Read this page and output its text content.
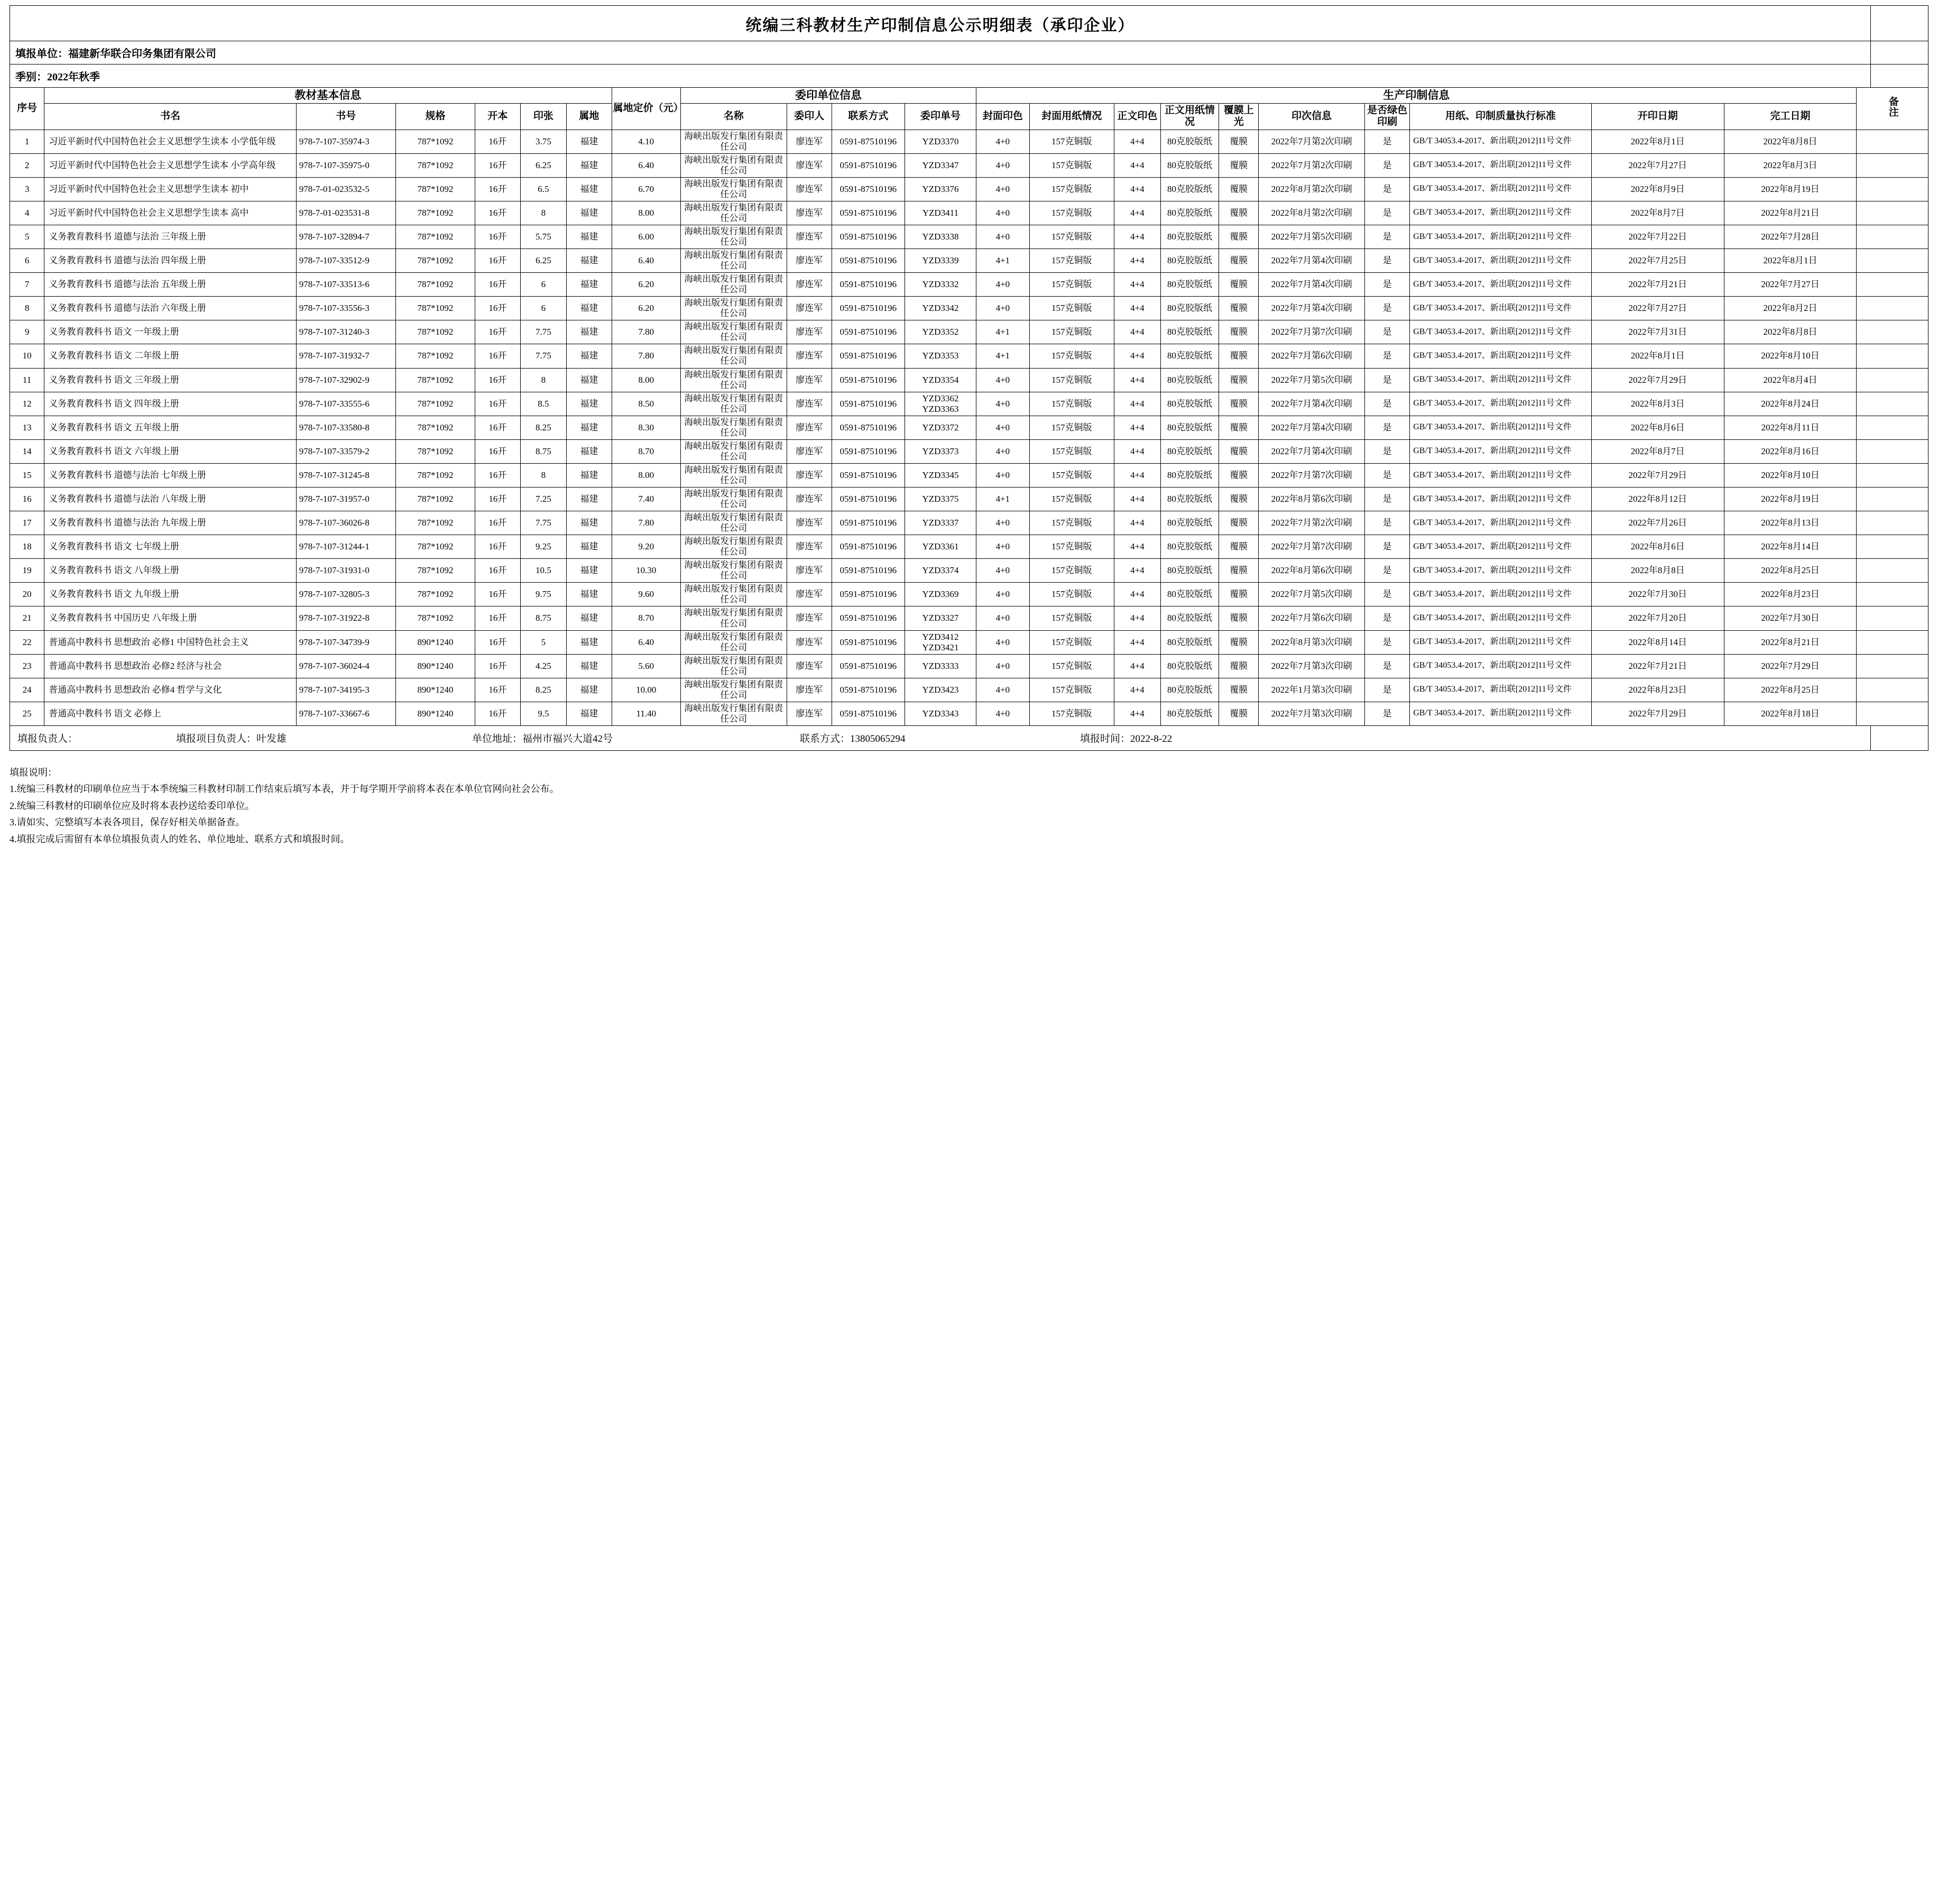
统编三科教材生产印制信息公示明细表（承印企业）
填报单位：福建新华联合印务集团有限公司
季别：2022年秋季
序号	教材基本信息						属地定价（元）	委印单位信息				生产印制信息										备注
	书名	书号	规格	开本	印张	属地		名称	委印人	联系方式	委印单号	封面印色	封面用纸情况	正文印色	正文用纸情况	覆膜上光	印次信息	是否绿色印刷	用纸、印制质量执行标准	开印日期	完工日期	
1	习近平新时代中国特色社会主义思想学生读本 小学低年级	978-7-107-35974-3	787*1092	16开	3.75	福建	4.10	海峡出版发行集团有限责任公司	廖连军	0591-87510196	YZD3370	4+0	157克铜版	4+4	80克胶版纸	覆膜	2022年7月第2次印刷	是	GB/T 34053.4-2017、新出联[2012]11号文件	2022年8月1日	2022年8月8日	
2	习近平新时代中国特色社会主义思想学生读本 小学高年级	978-7-107-35975-0	787*1092	16开	6.25	福建	6.40	海峡出版发行集团有限责任公司	廖连军	0591-87510196	YZD3347	4+0	157克铜版	4+4	80克胶版纸	覆膜	2022年7月第2次印刷	是	GB/T 34053.4-2017、新出联[2012]11号文件	2022年7月27日	2022年8月3日	
3	习近平新时代中国特色社会主义思想学生读本 初中	978-7-01-023532-5	787*1092	16开	6.5	福建	6.70	海峡出版发行集团有限责任公司	廖连军	0591-87510196	YZD3376	4+0	157克铜版	4+4	80克胶版纸	覆膜	2022年8月第2次印刷	是	GB/T 34053.4-2017、新出联[2012]11号文件	2022年8月9日	2022年8月19日	
4	习近平新时代中国特色社会主义思想学生读本 高中	978-7-01-023531-8	787*1092	16开	8	福建	8.00	海峡出版发行集团有限责任公司	廖连军	0591-87510196	YZD3411	4+0	157克铜版	4+4	80克胶版纸	覆膜	2022年8月第2次印刷	是	GB/T 34053.4-2017、新出联[2012]11号文件	2022年8月7日	2022年8月21日	
5	义务教育教科书 道德与法治 三年级上册	978-7-107-32894-7	787*1092	16开	5.75	福建	6.00	海峡出版发行集团有限责任公司	廖连军	0591-87510196	YZD3338	4+0	157克铜版	4+4	80克胶版纸	覆膜	2022年7月第5次印刷	是	GB/T 34053.4-2017、新出联[2012]11号文件	2022年7月22日	2022年7月28日	
6	义务教育教科书 道德与法治 四年级上册	978-7-107-33512-9	787*1092	16开	6.25	福建	6.40	海峡出版发行集团有限责任公司	廖连军	0591-87510196	YZD3339	4+1	157克铜版	4+4	80克胶版纸	覆膜	2022年7月第4次印刷	是	GB/T 34053.4-2017、新出联[2012]11号文件	2022年7月25日	2022年8月1日	
7	义务教育教科书 道德与法治 五年级上册	978-7-107-33513-6	787*1092	16开	6	福建	6.20	海峡出版发行集团有限责任公司	廖连军	0591-87510196	YZD3332	4+0	157克铜版	4+4	80克胶版纸	覆膜	2022年7月第4次印刷	是	GB/T 34053.4-2017、新出联[2012]11号文件	2022年7月21日	2022年7月27日	
8	义务教育教科书 道德与法治 六年级上册	978-7-107-33556-3	787*1092	16开	6	福建	6.20	海峡出版发行集团有限责任公司	廖连军	0591-87510196	YZD3342	4+0	157克铜版	4+4	80克胶版纸	覆膜	2022年7月第4次印刷	是	GB/T 34053.4-2017、新出联[2012]11号文件	2022年7月27日	2022年8月2日	
9	义务教育教科书 语文 一年级上册	978-7-107-31240-3	787*1092	16开	7.75	福建	7.80	海峡出版发行集团有限责任公司	廖连军	0591-87510196	YZD3352	4+1	157克铜版	4+4	80克胶版纸	覆膜	2022年7月第7次印刷	是	GB/T 34053.4-2017、新出联[2012]11号文件	2022年7月31日	2022年8月8日	
10	义务教育教科书 语文 二年级上册	978-7-107-31932-7	787*1092	16开	7.75	福建	7.80	海峡出版发行集团有限责任公司	廖连军	0591-87510196	YZD3353	4+1	157克铜版	4+4	80克胶版纸	覆膜	2022年7月第6次印刷	是	GB/T 34053.4-2017、新出联[2012]11号文件	2022年8月1日	2022年8月10日	
11	义务教育教科书 语文 三年级上册	978-7-107-32902-9	787*1092	16开	8	福建	8.00	海峡出版发行集团有限责任公司	廖连军	0591-87510196	YZD3354	4+0	157克铜版	4+4	80克胶版纸	覆膜	2022年7月第5次印刷	是	GB/T 34053.4-2017、新出联[2012]11号文件	2022年7月29日	2022年8月4日	
12	义务教育教科书 语文 四年级上册	978-7-107-33555-6	787*1092	16开	8.5	福建	8.50	海峡出版发行集团有限责任公司	廖连军	0591-87510196	YZD3362
YZD3363	4+0	157克铜版	4+4	80克胶版纸	覆膜	2022年7月第4次印刷	是	GB/T 34053.4-2017、新出联[2012]11号文件	2022年8月3日	2022年8月24日	
13	义务教育教科书 语文 五年级上册	978-7-107-33580-8	787*1092	16开	8.25	福建	8.30	海峡出版发行集团有限责任公司	廖连军	0591-87510196	YZD3372	4+0	157克铜版	4+4	80克胶版纸	覆膜	2022年7月第4次印刷	是	GB/T 34053.4-2017、新出联[2012]11号文件	2022年8月6日	2022年8月11日	
14	义务教育教科书 语文 六年级上册	978-7-107-33579-2	787*1092	16开	8.75	福建	8.70	海峡出版发行集团有限责任公司	廖连军	0591-87510196	YZD3373	4+0	157克铜版	4+4	80克胶版纸	覆膜	2022年7月第4次印刷	是	GB/T 34053.4-2017、新出联[2012]11号文件	2022年8月7日	2022年8月16日	
15	义务教育教科书 道德与法治 七年级上册	978-7-107-31245-8	787*1092	16开	8	福建	8.00	海峡出版发行集团有限责任公司	廖连军	0591-87510196	YZD3345	4+0	157克铜版	4+4	80克胶版纸	覆膜	2022年7月第7次印刷	是	GB/T 34053.4-2017、新出联[2012]11号文件	2022年7月29日	2022年8月10日	
16	义务教育教科书 道德与法治 八年级上册	978-7-107-31957-0	787*1092	16开	7.25	福建	7.40	海峡出版发行集团有限责任公司	廖连军	0591-87510196	YZD3375	4+1	157克铜版	4+4	80克胶版纸	覆膜	2022年8月第6次印刷	是	GB/T 34053.4-2017、新出联[2012]11号文件	2022年8月12日	2022年8月19日	
17	义务教育教科书 道德与法治 九年级上册	978-7-107-36026-8	787*1092	16开	7.75	福建	7.80	海峡出版发行集团有限责任公司	廖连军	0591-87510196	YZD3337	4+0	157克铜版	4+4	80克胶版纸	覆膜	2022年7月第2次印刷	是	GB/T 34053.4-2017、新出联[2012]11号文件	2022年7月26日	2022年8月13日	
18	义务教育教科书 语文 七年级上册	978-7-107-31244-1	787*1092	16开	9.25	福建	9.20	海峡出版发行集团有限责任公司	廖连军	0591-87510196	YZD3361	4+0	157克铜版	4+4	80克胶版纸	覆膜	2022年7月第7次印刷	是	GB/T 34053.4-2017、新出联[2012]11号文件	2022年8月6日	2022年8月14日	
19	义务教育教科书 语文 八年级上册	978-7-107-31931-0	787*1092	16开	10.5	福建	10.30	海峡出版发行集团有限责任公司	廖连军	0591-87510196	YZD3374	4+0	157克铜版	4+4	80克胶版纸	覆膜	2022年8月第6次印刷	是	GB/T 34053.4-2017、新出联[2012]11号文件	2022年8月8日	2022年8月25日	
20	义务教育教科书 语文 九年级上册	978-7-107-32805-3	787*1092	16开	9.75	福建	9.60	海峡出版发行集团有限责任公司	廖连军	0591-87510196	YZD3369	4+0	157克铜版	4+4	80克胶版纸	覆膜	2022年7月第5次印刷	是	GB/T 34053.4-2017、新出联[2012]11号文件	2022年7月30日	2022年8月23日	
21	义务教育教科书 中国历史 八年级上册	978-7-107-31922-8	787*1092	16开	8.75	福建	8.70	海峡出版发行集团有限责任公司	廖连军	0591-87510196	YZD3327	4+0	157克铜版	4+4	80克胶版纸	覆膜	2022年7月第6次印刷	是	GB/T 34053.4-2017、新出联[2012]11号文件	2022年7月20日	2022年7月30日	
22	普通高中教科书 思想政治 必修1 中国特色社会主义	978-7-107-34739-9	890*1240	16开	5	福建	6.40	海峡出版发行集团有限责任公司	廖连军	0591-87510196	YZD3412
YZD3421	4+0	157克铜版	4+4	80克胶版纸	覆膜	2022年8月第3次印刷	是	GB/T 34053.4-2017、新出联[2012]11号文件	2022年8月14日	2022年8月21日	
23	普通高中教科书 思想政治 必修2 经济与社会	978-7-107-36024-4	890*1240	16开	4.25	福建	5.60	海峡出版发行集团有限责任公司	廖连军	0591-87510196	YZD3333	4+0	157克铜版	4+4	80克胶版纸	覆膜	2022年7月第3次印刷	是	GB/T 34053.4-2017、新出联[2012]11号文件	2022年7月21日	2022年7月29日	
24	普通高中教科书 思想政治 必修4 哲学与文化	978-7-107-34195-3	890*1240	16开	8.25	福建	10.00	海峡出版发行集团有限责任公司	廖连军	0591-87510196	YZD3423	4+0	157克铜版	4+4	80克胶版纸	覆膜	2022年1月第3次印刷	是	GB/T 34053.4-2017、新出联[2012]11号文件	2022年8月23日	2022年8月25日	
25	普通高中教科书 语文 必修上	978-7-107-33667-6	890*1240	16开	9.5	福建	11.40	海峡出版发行集团有限责任公司	廖连军	0591-87510196	YZD3343	4+0	157克铜版	4+4	80克胶版纸	覆膜	2022年7月第3次印刷	是	GB/T 34053.4-2017、新出联[2012]11号文件	2022年7月29日	2022年8月18日	
填报负责人：	填报项目负责人：叶发雄	单位地址：福州市福兴大道42号	联系方式：13805065294	填报时间：2022-8-22
填报说明：
1.统编三科教材的印刷单位应当于本季统编三科教材印制工作结束后填写本表，并于每学期开学前将本表在本单位官网向社会公布。
2.统编三科教材的印刷单位应及时将本表抄送给委印单位。
3.请如实、完整填写本表各项目，保存好相关单据备查。
4.填报完成后需留有本单位填报负责人的姓名、单位地址、联系方式和填报时间。
